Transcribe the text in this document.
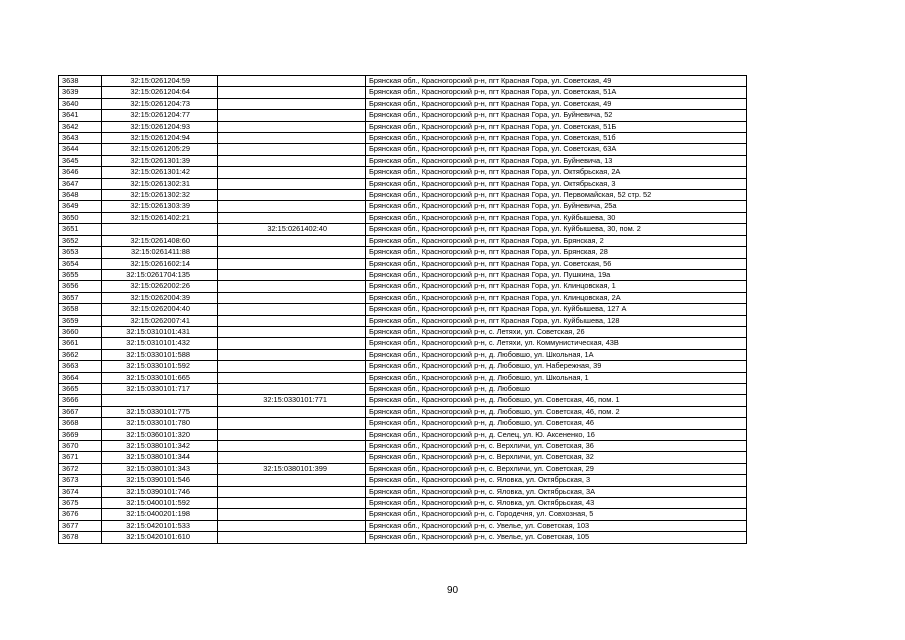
3638	32:15:0261204:59		Брянская обл., Красногорский р-н, пгт Красная Гора, ул. Советская, 49
3639	32:15:0261204:64		Брянская обл., Красногорский р-н, пгт Красная Гора, ул. Советская, 51А
3640	32:15:0261204:73		Брянская обл., Красногорский р-н, пгт Красная Гора, ул. Советская, 49
3641	32:15:0261204:77		Брянская обл., Красногорский р-н, пгт Красная Гора, ул. Буйневича, 52
3642	32:15:0261204:93		Брянская обл., Красногорский р-н, пгт Красная Гора, ул. Советская, 51Б
3643	32:15:0261204:94		Брянская обл., Красногорский р-н, пгт Красная Гора, ул. Советская, 51б
3644	32:15:0261205:29		Брянская обл., Красногорский р-н, пгт Красная Гора, ул. Советская, 63А
3645	32:15:0261301:39		Брянская обл., Красногорский р-н, пгт Красная Гора, ул. Буйневича, 13
3646	32:15:0261301:42		Брянская обл., Красногорский р-н, пгт Красная Гора, ул. Октябрьская, 2А
3647	32:15:0261302:31		Брянская обл., Красногорский р-н, пгт Красная Гора, ул. Октябрьская, 3
3648	32:15:0261302:32		Брянская обл., Красногорский р-н, пгт Красная Гора, ул. Первомайская, 52 стр. 52
3649	32:15:0261303:39		Брянская обл., Красногорский р-н, пгт Красная Гора, ул. Буйневича, 25а
3650	32:15:0261402:21		Брянская обл., Красногорский р-н, пгт Красная Гора, ул. Куйбышева, 30
3651		32:15:0261402:40	Брянская обл., Красногорский р-н, пгт Красная Гора, ул. Куйбышева, 30, пом. 2
3652	32:15:0261408:60		Брянская обл., Красногорский р-н, пгт Красная Гора, ул. Брянская, 2
3653	32:15:0261411:88		Брянская обл., Красногорский р-н, пгт Красная Гора, ул. Брянская, 28
3654	32:15:0261602:14		Брянская обл., Красногорский р-н, пгт Красная Гора, ул. Советская, 56
3655	32:15:0261704:135		Брянская обл., Красногорский р-н, пгт Красная Гора, ул. Пушкина, 19а
3656	32:15:0262002:26		Брянская обл., Красногорский р-н, пгт Красная Гора, ул. Клинцовская, 1
3657	32:15:0262004:39		Брянская обл., Красногорский р-н, пгт Красная Гора, ул. Клинцовская, 2А
3658	32:15:0262004:40		Брянская обл., Красногорский р-н, пгт Красная Гора, ул. Куйбышева, 127 А
3659	32:15:0262007:41		Брянская обл., Красногорский р-н, пгт Красная Гора, ул. Куйбышева, 128
3660	32:15:0310101:431		Брянская обл., Красногорский р-н, с. Летяхи, ул. Советская, 26
3661	32:15:0310101:432		Брянская обл., Красногорский р-н, с. Летяхи, ул. Коммунистическая, 43В
3662	32:15:0330101:588		Брянская обл., Красногорский р-н, д. Любовшо, ул. Школьная, 1А
3663	32:15:0330101:592		Брянская обл., Красногорский р-н, д. Любовшо, ул. Набережная, 39
3664	32:15:0330101:665		Брянская обл., Красногорский р-н, д. Любовшо, ул. Школьная, 1
3665	32:15:0330101:717		Брянская обл., Красногорский р-н, д. Любовшо
3666		32:15:0330101:771	Брянская обл., Красногорский р-н, д. Любовшо, ул. Советская, 46, пом. 1
3667	32:15:0330101:775		Брянская обл., Красногорский р-н, д. Любовшо, ул. Советская, 46, пом. 2
3668	32:15:0330101:780		Брянская обл., Красногорский р-н, д. Любовшо, ул. Советская, 46
3669	32:15:0360101:320		Брянская обл., Красногорский р-н, д. Селец, ул. Ю. Аксененко, 16
3670	32:15:0380101:342		Брянская обл., Красногорский р-н, с. Верхличи, ул. Советская, 36
3671	32:15:0380101:344		Брянская обл., Красногорский р-н, с. Верхличи, ул. Советская, 32
3672	32:15:0380101:343	32:15:0380101:399	Брянская обл., Красногорский р-н, с. Верхличи, ул. Советская, 29
3673	32:15:0390101:546		Брянская обл., Красногорский р-н, с. Яловка, ул. Октябрьская, 3
3674	32:15:0390101:746		Брянская обл., Красногорский р-н, с. Яловка, ул. Октябрьская, 3А
3675	32:15:0400101:592		Брянская обл., Красногорский р-н, с. Яловка, ул. Октябрьская, 43
3676	32:15:0400201:198		Брянская обл., Красногорский р-н, с. Городечня, ул. Совхозная, 5
3677	32:15:0420101:533		Брянская обл., Красногорский р-н, с. Увелье, ул. Советская, 103
3678	32:15:0420101:610		Брянская обл., Красногорский р-н, с. Увелье, ул. Советская, 105
90
